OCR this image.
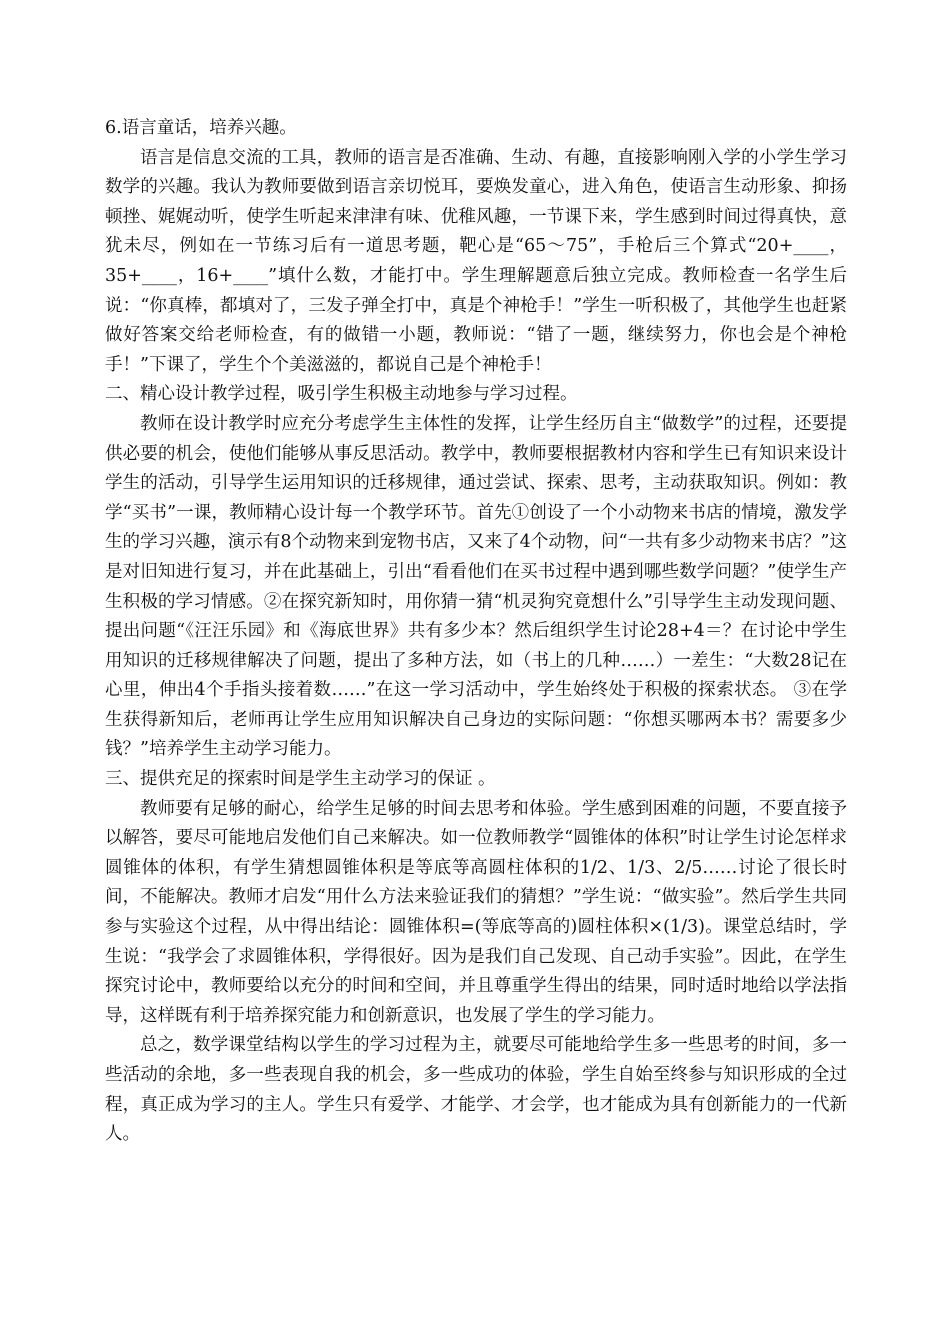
6.语言童话，培养兴趣。

语言是信息交流的工具，教师的语言是否准确、生动、有趣，直接影响刚入学的小学生学习数学的兴趣。我认为教师要做到语言亲切悦耳，要焕发童心，进入角色，使语言生动形象、抑扬顿挫、娓娓动听，使学生听起来津津有味、优稚风趣，一节课下来，学生感到时间过得真快，意犹未尽，例如在一节练习后有一道思考题，靶心是“65～75”，手枪后三个算式“20+____，35+____，16+____”填什么数，才能打中。学生理解题意后独立完成。教师检查一名学生后说：“你真棒，都填对了，三发子弹全打中，真是个神枪手！”学生一听积极了，其他学生也赶紧做好答案交给老师检查，有的做错一小题，教师说：“错了一题，继续努力，你也会是个神枪手！”下课了，学生个个美滋滋的，都说自己是个神枪手！

二、精心设计教学过程，吸引学生积极主动地参与学习过程。

教师在设计教学时应充分考虑学生主体性的发挥，让学生经历自主“做数学”的过程，还要提供必要的机会，使他们能够从事反思活动。教学中，教师要根据教材内容和学生已有知识来设计学生的活动，引导学生运用知识的迁移规律，通过尝试、探索、思考，主动获取知识。例如：教学“买书”一课，教师精心设计每一个教学环节。首先①创设了一个小动物来书店的情境，激发学生的学习兴趣，演示有8个动物来到宠物书店，又来了4个动物，问“一共有多少动物来书店？”这是对旧知进行复习，并在此基础上，引出“看看他们在买书过程中遇到哪些数学问题？”使学生产生积极的学习情感。②在探究新知时，用你猜一猜“机灵狗究竟想什么”引导学生主动发现问题、提出问题“《汪汪乐园》和《海底世界》共有多少本？然后组织学生讨论28+4＝？在讨论中学生用知识的迁移规律解决了问题，提出了多种方法，如（书上的几种……）一差生：“大数28记在心里，伸出4个手指头接着数……”在这一学习活动中，学生始终处于积极的探索状态。 ③在学生获得新知后，老师再让学生应用知识解决自己身边的实际问题：“你想买哪两本书？需要多少钱？”培养学生主动学习能力。

三、提供充足的探索时间是学生主动学习的保证 。

教师要有足够的耐心，给学生足够的时间去思考和体验。学生感到困难的问题，不要直接予以解答，要尽可能地启发他们自己来解决。如一位教师教学“圆锥体的体积”时让学生讨论怎样求圆锥体的体积，有学生猜想圆锥体积是等底等高圆柱体积的1/2、1/3、2/5……讨论了很长时间，不能解决。教师才启发“用什么方法来验证我们的猜想？”学生说：“做实验”。然后学生共同参与实验这个过程，从中得出结论：圆锥体积=(等底等高的)圆柱体积×(1/3)。课堂总结时，学生说：“我学会了求圆锥体积，学得很好。因为是我们自己发现、自己动手实验”。因此，在学生探究讨论中，教师要给以充分的时间和空间，并且尊重学生得出的结果，同时适时地给以学法指导，这样既有利于培养探究能力和创新意识，也发展了学生的学习能力。

总之，数学课堂结构以学生的学习过程为主，就要尽可能地给学生多一些思考的时间，多一些活动的余地，多一些表现自我的机会，多一些成功的体验，学生自始至终参与知识形成的全过程，真正成为学习的主人。学生只有爱学、才能学、才会学，也才能成为具有创新能力的一代新人。
